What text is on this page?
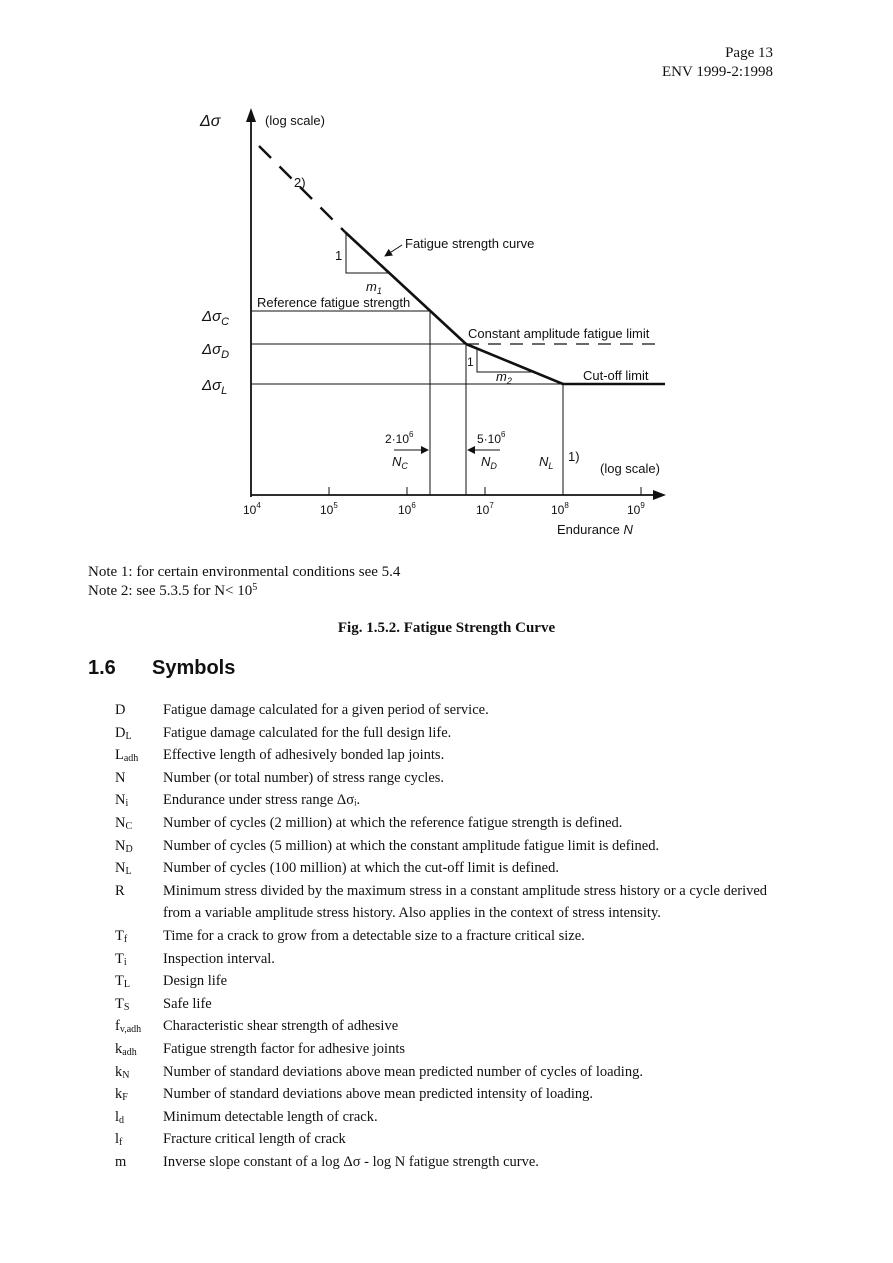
Page 13
ENV 1999-2:1998
Δσ	(log scale)
$\Delta\sigma_C$
$\Delta\sigma_D$
$\Delta\sigma_L$
2)
1
$m_1$
Fatigue strength curve
Reference fatigue strength
Constant amplitude fatigue limit
1
$m_2$	Cut-off limit
$2\cdot 10^6$
$N_C$
$5\cdot 10^6$
$N_D$	$N_L$
1)
(log scale)
$10^4$	$10^5$	$10^6$	$10^7$	$10^8$	$10^9$
Endurance N
Note 1: for certain environmental conditions see 5.4
Note 2: see 5.3.5 for $N< 10^5$
Fig. 1.5.2. Fatigue Strength Curve
1.6 Symbols
D	Fatigue damage calculated for a given period of service.
$D_L$	Fatigue damage calculated for the full design life.
$L_{adh}$	Effective length of adhesively bonded lap joints.
N	Number (or total number) of stress range cycles.
$N_i$	Endurance under stress range Δσᵢ.
$N_C$	Number of cycles (2 million) at which the reference fatigue strength is defined.
$N_D$	Number of cycles (5 million) at which the constant amplitude fatigue limit is defined.
$N_L$	Number of cycles (100 million) at which the cut-off limit is defined.
R	Minimum stress divided by the maximum stress in a constant amplitude stress history or a cycle derived from a variable amplitude stress history. Also applies in the context of stress intensity.
$T_f$	Time for a crack to grow from a detectable size to a fracture critical size.
$T_i$	Inspection interval.
$T_L$	Design life
$T_S$	Safe life
$f_{v,adh}$	Characteristic shear strength of adhesive
$k_{adh}$	Fatigue strength factor for adhesive joints
$k_N$	Number of standard deviations above mean predicted number of cycles of loading.
$k_F$	Number of standard deviations above mean predicted intensity of loading.
$l_d$	Minimum detectable length of crack.
$l_f$	Fracture critical length of crack
m	Inverse slope constant of a log Δσ - log N fatigue strength curve.
